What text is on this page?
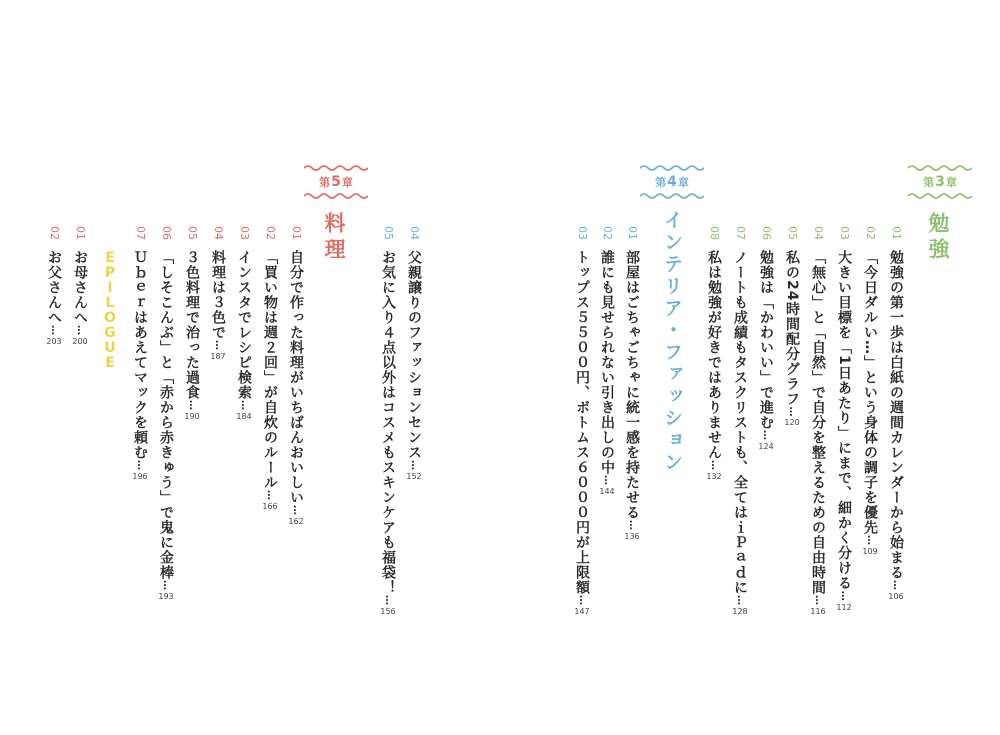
第3章
勉強
01勉強の第一歩は白紙の週間カレンダーから始まる…106
02「今日ダルい…」という身体の調子を優先…109
03大きい目標を「1日あたり」にまで、細かく分ける…112
04「無心」と「自然」で自分を整えるための自由時間…116
05私の24時間配分グラフ…120
06勉強は「かわいい」で進む…124
07ノートも成績もタスクリストも、全てはｉＰａｄに…128
08私は勉強が好きではありません…132
第4章
インテリア・ファッション
01部屋はごちゃごちゃに統一感を持たせる…136
02誰にも見せられない引き出しの中…144
03トップス５５００円、ボトムス６０００円が上限額…147
04父親譲りのファッションセンス…152
05お気に入り４点以外はコスメもスキンケアも福袋！…156
第5章
料理
01自分で作った料理がいちばんおいしい…162
02「買い物は週２回」が自炊のルール…166
03インスタでレシピ検索…184
04料理は３色で…187
05３色料理で治った過食…190
06「しそこんぶ」と「赤から赤きゅう」で鬼に金棒…193
07Ｕｂｅｒはあえてマックを頼む…196
EPILOGUE
01お母さんへ…200
02お父さんへ…203
